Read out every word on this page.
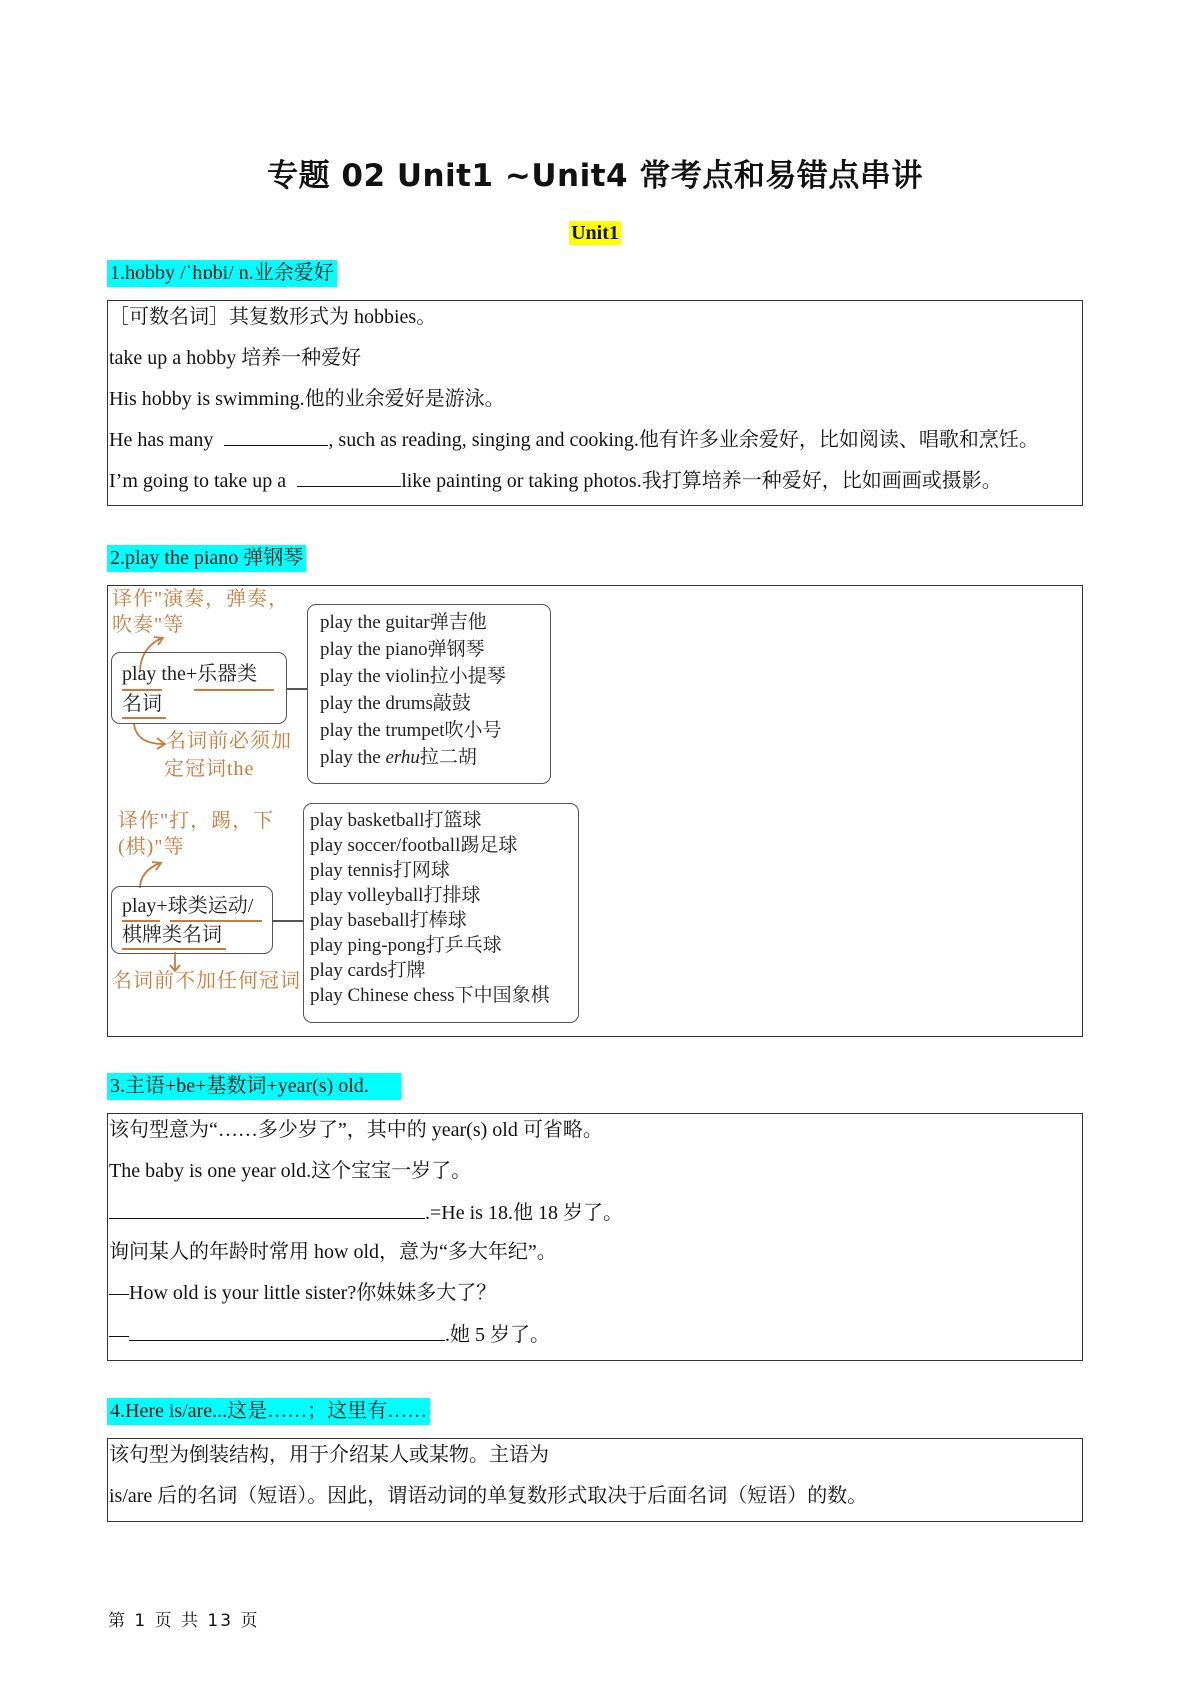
专题 02 Unit1 ~Unit4 常考点和易错点串讲
Unit1
1.hobby /ˈhɒbi/ n.业余爱好
［可数名词］其复数形式为 hobbies。
take up a hobby 培养一种爱好
His hobby is swimming.他的业余爱好是游泳。
He has many	, such as reading, singing and cooking.他有许多业余爱好，比如阅读、唱歌和烹饪。
I’m going to take up a	like painting or taking photos.我打算培养一种爱好，比如画画或摄影。
2.play the piano 弹钢琴
译作"演奏，弹奏，
吹奏"等
play the+乐器类
名词
名词前必须加
定冠词the
play the guitar弹吉他
play the piano弹钢琴
play the violin拉小提琴
play the drums敲鼓
play the trumpet吹小号
play the erhu拉二胡
译作"打，踢，下
(棋)"等
play+球类运动/
棋牌类名词
名词前不加任何冠词
play basketball打篮球
play soccer/football踢足球
play tennis打网球
play volleyball打排球
play baseball打棒球
play ping-pong打乒乓球
play cards打牌
play Chinese chess下中国象棋
3.主语+be+基数词+year(s) old.
该句型意为“……多少岁了”，其中的 year(s) old 可省略。
The baby is one year old.这个宝宝一岁了。
.=He is 18.他 18 岁了。
询问某人的年龄时常用 how old，意为“多大年纪”。
—How old is your little sister?你妹妹多大了？
—	.她 5 岁了。
4.Here is/are...这是……；这里有……
该句型为倒装结构，用于介绍某人或某物。主语为
is/are 后的名词（短语）。因此，谓语动词的单复数形式取决于后面名词（短语）的数。
第 1 页 共 13 页
